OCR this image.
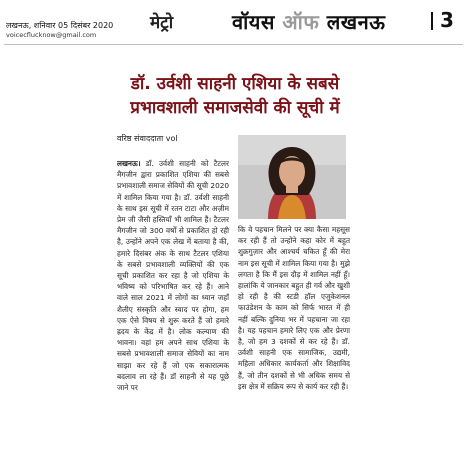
लखनऊ, शनिवार 05 दिसंबर 2020
voicecflucknow@gmail.com
मेट्रो	वॉयस ऑफ लखनऊ	3
डॉ. उर्वशी साहनी एशिया के सबसे
प्रभावशाली समाजसेवी की सूची में
वरिष्ठ संवाददाता vol
लखनऊ। डॉ. उर्वशी साहनी को टैटलर मैगजीन द्वारा प्रकाशित एशिया की सबसे प्रभावशाली समाज सेवियों की सूची 2020 में शामिल किया गया है। डॉ. उर्वशी साहनी के साथ इस सूची में रतन टाटा और अज़ीम प्रेम जी जैसी हस्तियाँ भी शामिल हैं। टैटलर मैगजीन जो 300 वर्षों से प्रकाशित हो रही है, उन्होंने अपने एक लेख में बताया है की, हमारे दिसंबर अंक के साथ टैटलर एशिया के सबसे प्रभावशाली व्यक्तियों की एक सूची प्रकाशित कर रहा है जो एशिया के भविष्य को परिभाषित कर रहे हैं। आने वाले साल 2021 में लोगों का ध्यान जहाँ शैलीए संस्कृति और स्वाद पर होगा, हम एक ऐसे विषय से शुरू करते हैं जो हमारे ह्रदय के केंद्र में है। लोक कल्याण की भावना। वहां हम अपने साथ एशिया के सबसे प्रभावशाली समाज सेवियों का नाम साझा कर रहे हैं जो एक सकारात्मक बदलाव ला रहे हैं। डॉ साहनी से यह पूछे जाने पर
कि वे पहचान मिलने पर क्या कैसा महसूस कर रही हैं तो उन्होंने कहा कोर में बहुत शुक्रगुज़ार और आश्चर्य चकित हूँ की मेरा नाम इस सूची में शामिल किया गया है। मुझे लगता है कि मैं इस दौड़ में शामिल नहीं हूँ। हालांकि ये जानकार बहुत ही गर्व और खुशी हो रही है की स्टडी हॉल एजुकेशनल फाउंडेशन के काम को सिर्फ भारत में ही नहीं बल्कि दुनिया भर में पहचाना जा रहा है। यह पहचान हमारे लिए एक और प्रेरणा है, जो हम 3 दशकों से कर रहे हैं। डॉ. उर्वशी साहनी एक सामाजिक, उद्यमी, महिला अधिकार कार्यकर्ता और शिक्षाविद हैं, जो तीन दशकों से भी अधिक समय से इस क्षेत्र में सक्रिय रूप से कार्य कर रही हैं।
